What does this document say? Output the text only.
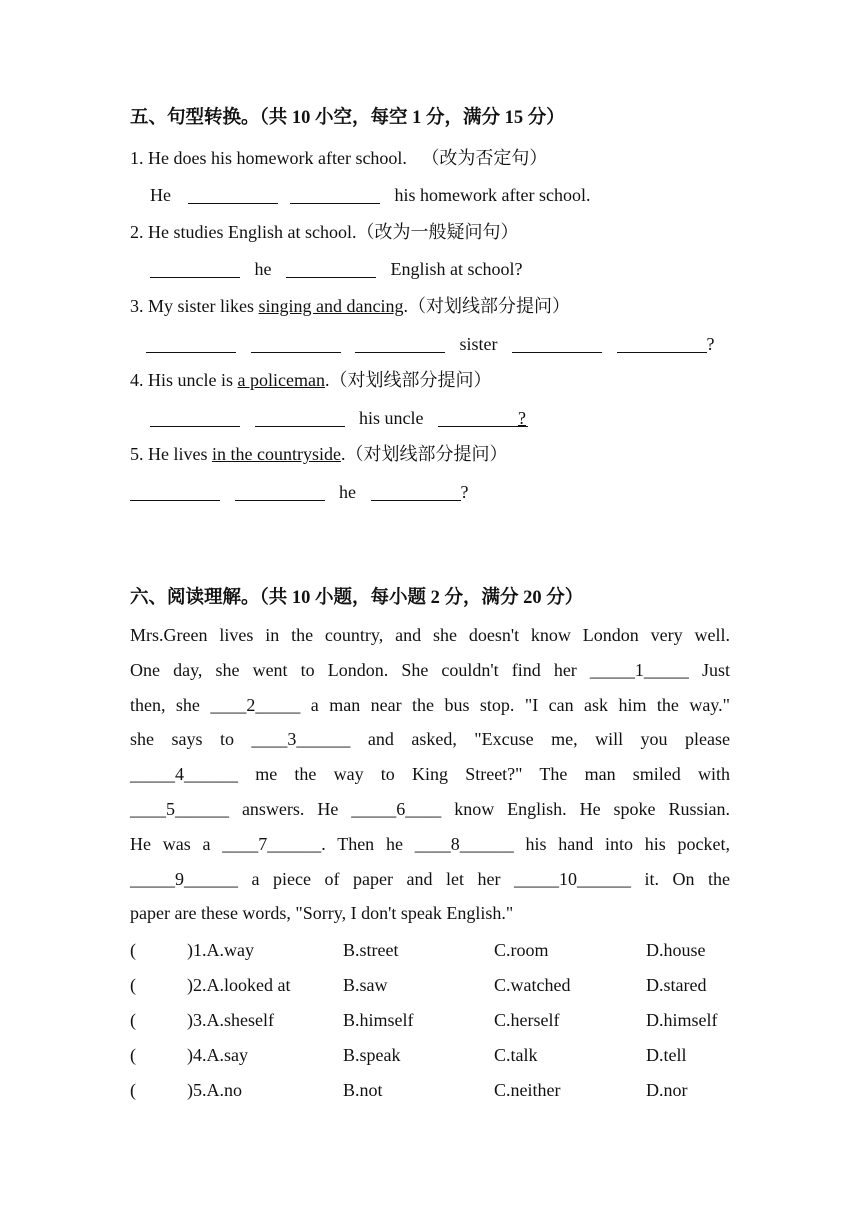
五、句型转换。（共 10 小空，每空 1 分，满分 15 分）
1. He does his homework after school. （改为否定句）
He	his homework after school.
2. He studies English at school.（改为一般疑问句）
he	English at school?
3. My sister likes singing and dancing.（对划线部分提问）
sister	?
4. His uncle is a policeman.（对划线部分提问）
his uncle	?
5. He lives in the countryside.（对划线部分提问）
he	?
六、阅读理解。（共 10 小题，每小题 2 分，满分 20 分）
Mrs.Green lives in the country, and she doesn't know London very well.
One day, she went to London. She couldn't find her _____1_____ Just
then, she ____2_____ a man near the bus stop. "I can ask him the way."
she says to ____3______ and asked, "Excuse me, will you please
_____4______ me the way to King Street?" The man smiled with
____5______ answers. He _____6____ know English. He spoke Russian.
He was a ____7______. Then he ____8______ his hand into his pocket,
_____9______ a piece of paper and let her _____10______ it. On the
paper are these words, "Sorry, I don't speak English."
(	)1.A.way	B.street	C.room	D.house
(	)2.A.looked at	B.saw	C.watched	D.stared
(	)3.A.sheself	B.himself	C.herself	D.himself
(	)4.A.say	B.speak	C.talk	D.tell
(	)5.A.no	B.not	C.neither	D.nor
